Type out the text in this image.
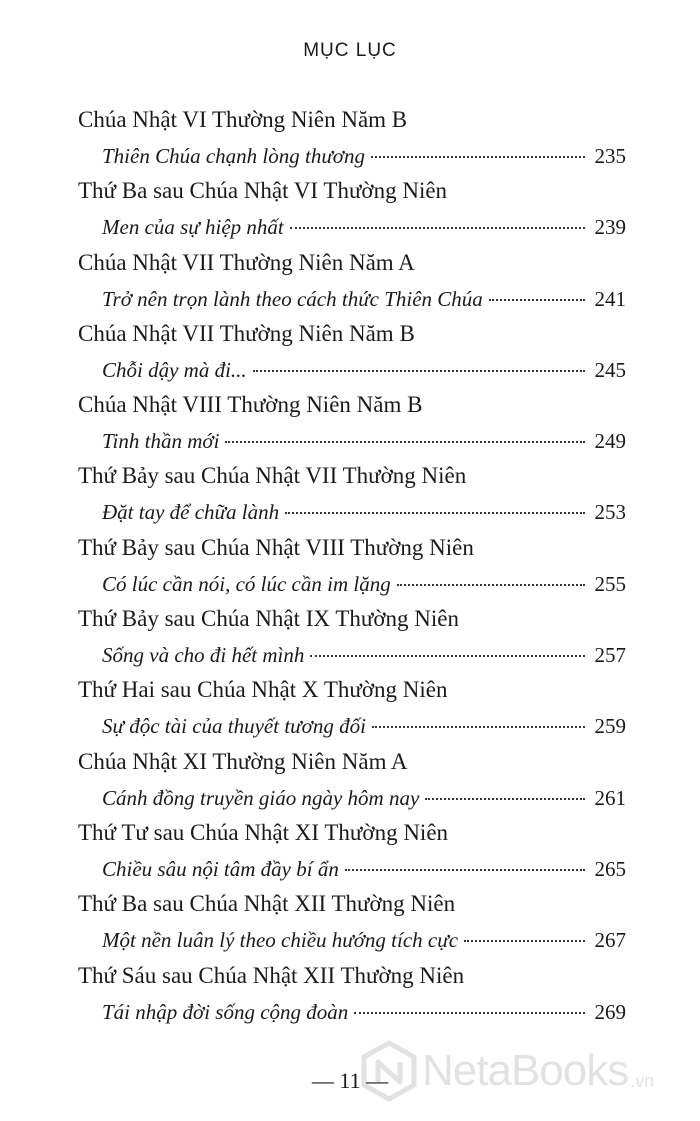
MỤC LỤC
Chúa Nhật VI Thường Niên Năm B
Thiên Chúa chạnh lòng thương	235
Thứ Ba sau Chúa Nhật VI Thường Niên
Men của sự hiệp nhất	239
Chúa Nhật VII Thường Niên Năm A
Trở nên trọn lành theo cách thức Thiên Chúa	241
Chúa Nhật VII Thường Niên Năm B
Chỗi dậy mà đi...	245
Chúa Nhật VIII Thường Niên Năm B
Tinh thần mới	249
Thứ Bảy sau Chúa Nhật VII Thường Niên
Đặt tay để chữa lành	253
Thứ Bảy sau Chúa Nhật VIII Thường Niên
Có lúc cần nói, có lúc cần im lặng	255
Thứ Bảy sau Chúa Nhật IX Thường Niên
Sống và cho đi hết mình	257
Thứ Hai sau Chúa Nhật X Thường Niên
Sự độc tài của thuyết tương đối	259
Chúa Nhật XI Thường Niên Năm A
Cánh đồng truyền giáo ngày hôm nay	261
Thứ Tư sau Chúa Nhật XI Thường Niên
Chiều sâu nội tâm đầy bí ẩn	265
Thứ Ba sau Chúa Nhật XII Thường Niên
Một nền luân lý theo chiều hướng tích cực	267
Thứ Sáu sau Chúa Nhật XII Thường Niên
Tái nhập đời sống cộng đoàn	269
NetaBooks .vn
— 11 —
